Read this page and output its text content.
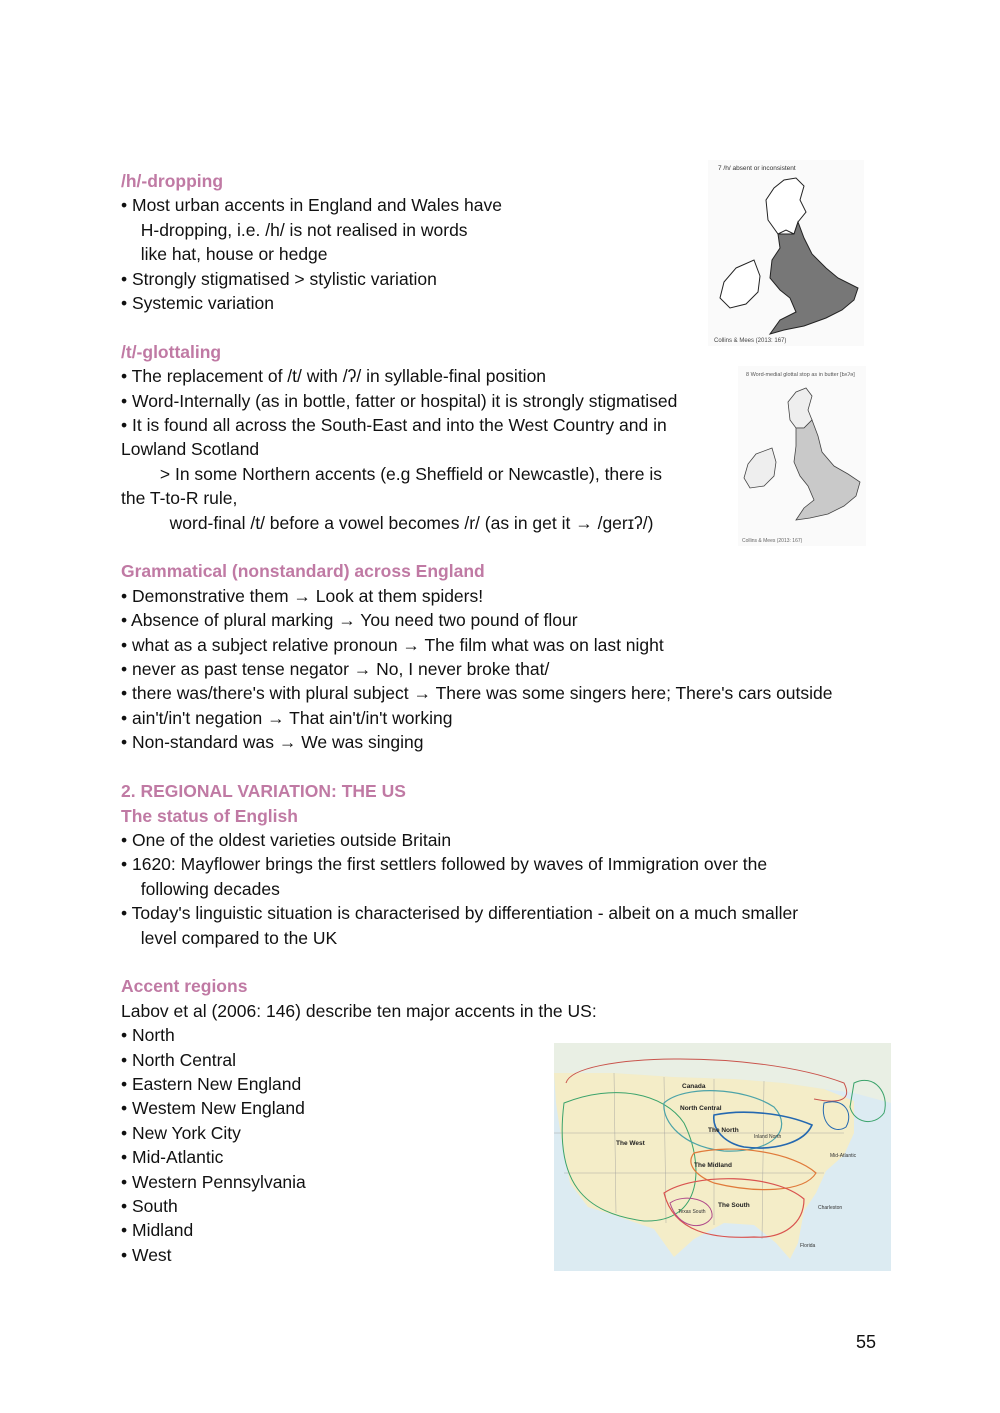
/h/-dropping
• Most urban accents in England and Wales have
H-dropping, i.e. /h/ is not realised in words
like hat, house or hedge
• Strongly stigmatised > stylistic variation
• Systemic variation
7 /h/ absent or inconsistent
Collins & Mees (2013: 167)
/t/-glottaling
• The replacement of /t/ with /ʔ/ in syllable-final position
• Word-Internally (as in bottle, fatter or hospital) it is strongly stigmatised
• It is found all across the South-East and into the West Country and in
Lowland Scotland
> In some Northern accents (e.g Sheffield or Newcastle), there is
the T-to-R rule,
word-final /t/ before a vowel becomes /r/ (as in get it → /gerɪʔ/)
8 Word-medial glottal stop as in butter [bʌʔə]
Collins & Mees (2013: 167)
Grammatical (nonstandard) across England
• Demonstrative them → Look at them spiders!
• Absence of plural marking → You need two pound of flour
• what as a subject relative pronoun → The film what was on last night
• never as past tense negator → No, I never broke that/
• there was/there's with plural subject → There was some singers here; There's cars outside
• ain't/in't negation → That ain't/in't working
• Non-standard was → We was singing
2. REGIONAL VARIATION: THE US
The status of English
• One of the oldest varieties outside Britain
• 1620: Mayflower brings the first settlers followed by waves of Immigration over the
following decades
• Today's linguistic situation is characterised by differentiation - albeit on a much smaller
level compared to the UK
Accent regions
Labov et al (2006: 146) describe ten major accents in the US:
• North
• North Central
• Eastern New England
• Westem New England
• New York City
• Mid-Atlantic
• Western Pennsylvania
• South
• Midland
• West
Canada
North Central
The North
The West
The Midland
The South
Texas South
Inland North
Mid-Atlantic
Charleston
Florida
55
